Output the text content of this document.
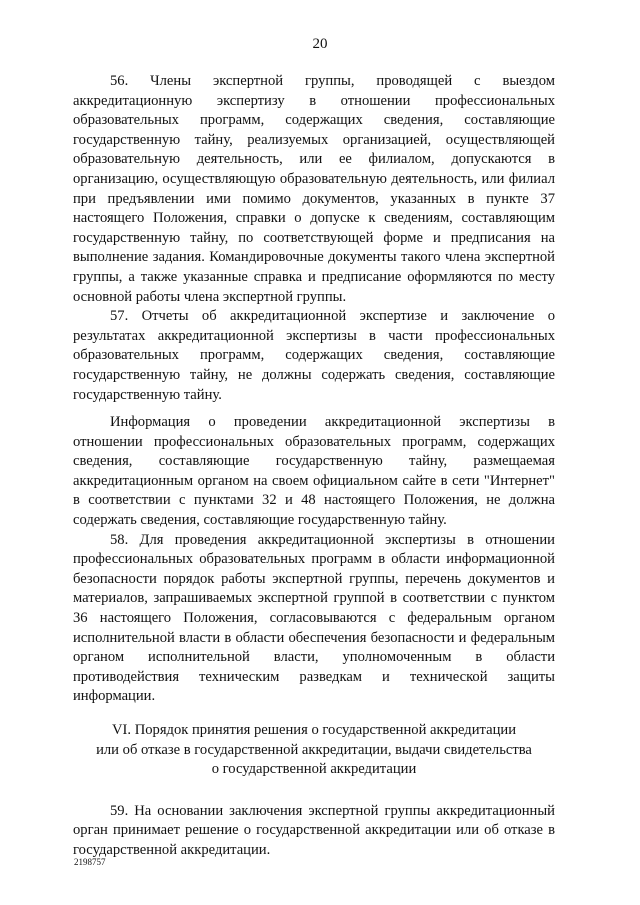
20

56. Члены экспертной группы, проводящей с выездом аккредитационную экспертизу в отношении профессиональных образовательных программ, содержащих сведения, составляющие государственную тайну, реализуемых организацией, осуществляющей образовательную деятельность, или ее филиалом, допускаются в организацию, осуществляющую образовательную деятельность, или филиал при предъявлении ими помимо документов, указанных в пункте 37 настоящего Положения, справки о допуске к сведениям, составляющим государственную тайну, по соответствующей форме и предписания на выполнение задания. Командировочные документы такого члена экспертной группы, а также указанные справка и предписание оформляются по месту основной работы члена экспертной группы.

57. Отчеты об аккредитационной экспертизе и заключение о результатах аккредитационной экспертизы в части профессиональных образовательных программ, содержащих сведения, составляющие государственную тайну, не должны содержать сведения, составляющие государственную тайну.

Информация о проведении аккредитационной экспертизы в отношении профессиональных образовательных программ, содержащих сведения, составляющие государственную тайну, размещаемая аккредитационным органом на своем официальном сайте в сети "Интернет" в соответствии с пунктами 32 и 48 настоящего Положения, не должна содержать сведения, составляющие государственную тайну.

58. Для проведения аккредитационной экспертизы в отношении профессиональных образовательных программ в области информационной безопасности порядок работы экспертной группы, перечень документов и материалов, запрашиваемых экспертной группой в соответствии с пунктом 36 настоящего Положения, согласовываются с федеральным органом исполнительной власти в области обеспечения безопасности и федеральным органом исполнительной власти, уполномоченным в области противодействия техническим разведкам и технической защиты информации.

VI. Порядок принятия решения о государственной аккредитации

или об отказе в государственной аккредитации, выдачи свидетельства

о государственной аккредитации

59. На основании заключения экспертной группы аккредитационный орган принимает решение о государственной аккредитации или об отказе в государственной аккредитации.

2198757
